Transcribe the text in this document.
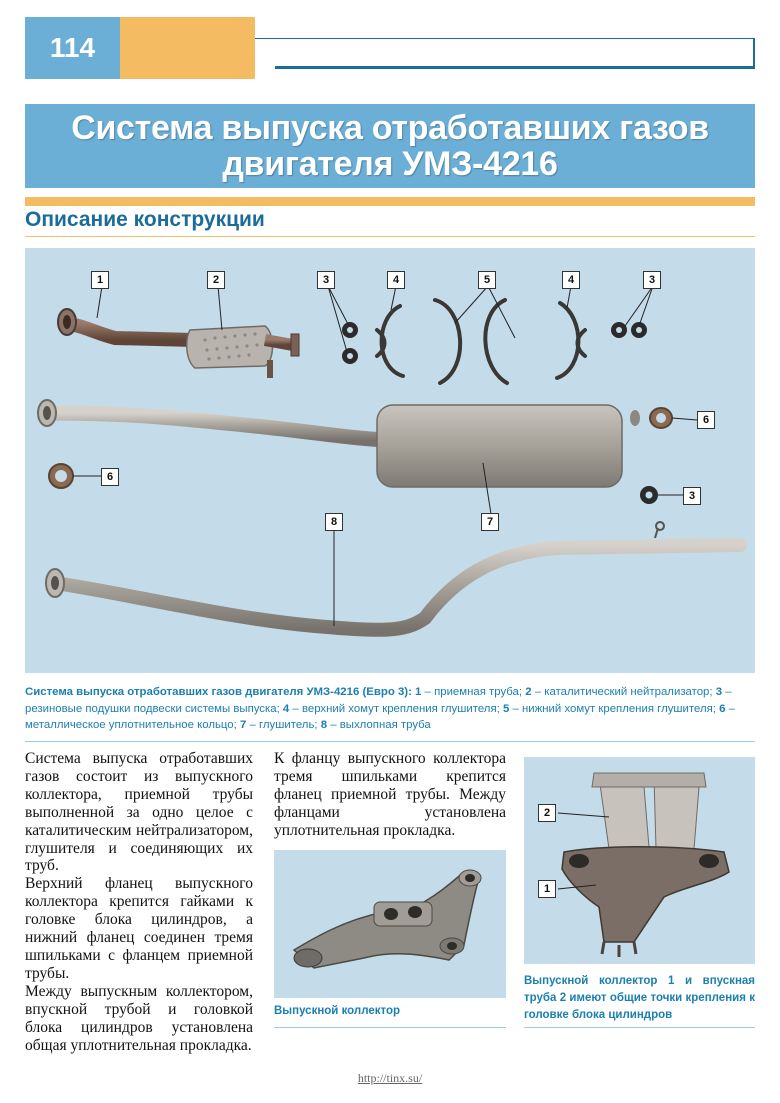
114
Система выпуска отработавших газов
двигателя УМЗ-4216
Описание конструкции
1	2	3	4	5	4	3
6
6
7
3
8
Система выпуска отработавших газов двигателя УМЗ-4216 (Евро 3): 1 – приемная труба; 2 – каталитический нейтрализатор; 3 – резиновые подушки подвески системы выпуска; 4 – верхний хомут крепления глушителя; 5 – нижний хомут крепления глушителя; 6 – металлическое уплотнительное кольцо; 7 – глушитель; 8 – выхлопная труба

Система выпуска отработавших газов состоит из выпускного коллектора, приемной трубы выполненной за одно целое с каталитическим нейтрализатором, глушителя и соединяющих их труб.

Верхний фланец выпускного коллектора крепится гайками к головке блока цилиндров, а нижний фланец соединен тремя шпильками с фланцем приемной трубы.

Между выпускным коллектором, впускной трубой и головкой блока цилиндров установлена общая уплотнительная прокладка.

К фланцу выпускного коллектора тремя шпильками крепится фланец приемной трубы. Между фланцами установлена уплотнительная прокладка.

Выпускной коллектор
2
1
Выпускной коллектор 1 и впускная труба 2 имеют общие точки крепления к головке блока цилиндров
http://tinx.su/
